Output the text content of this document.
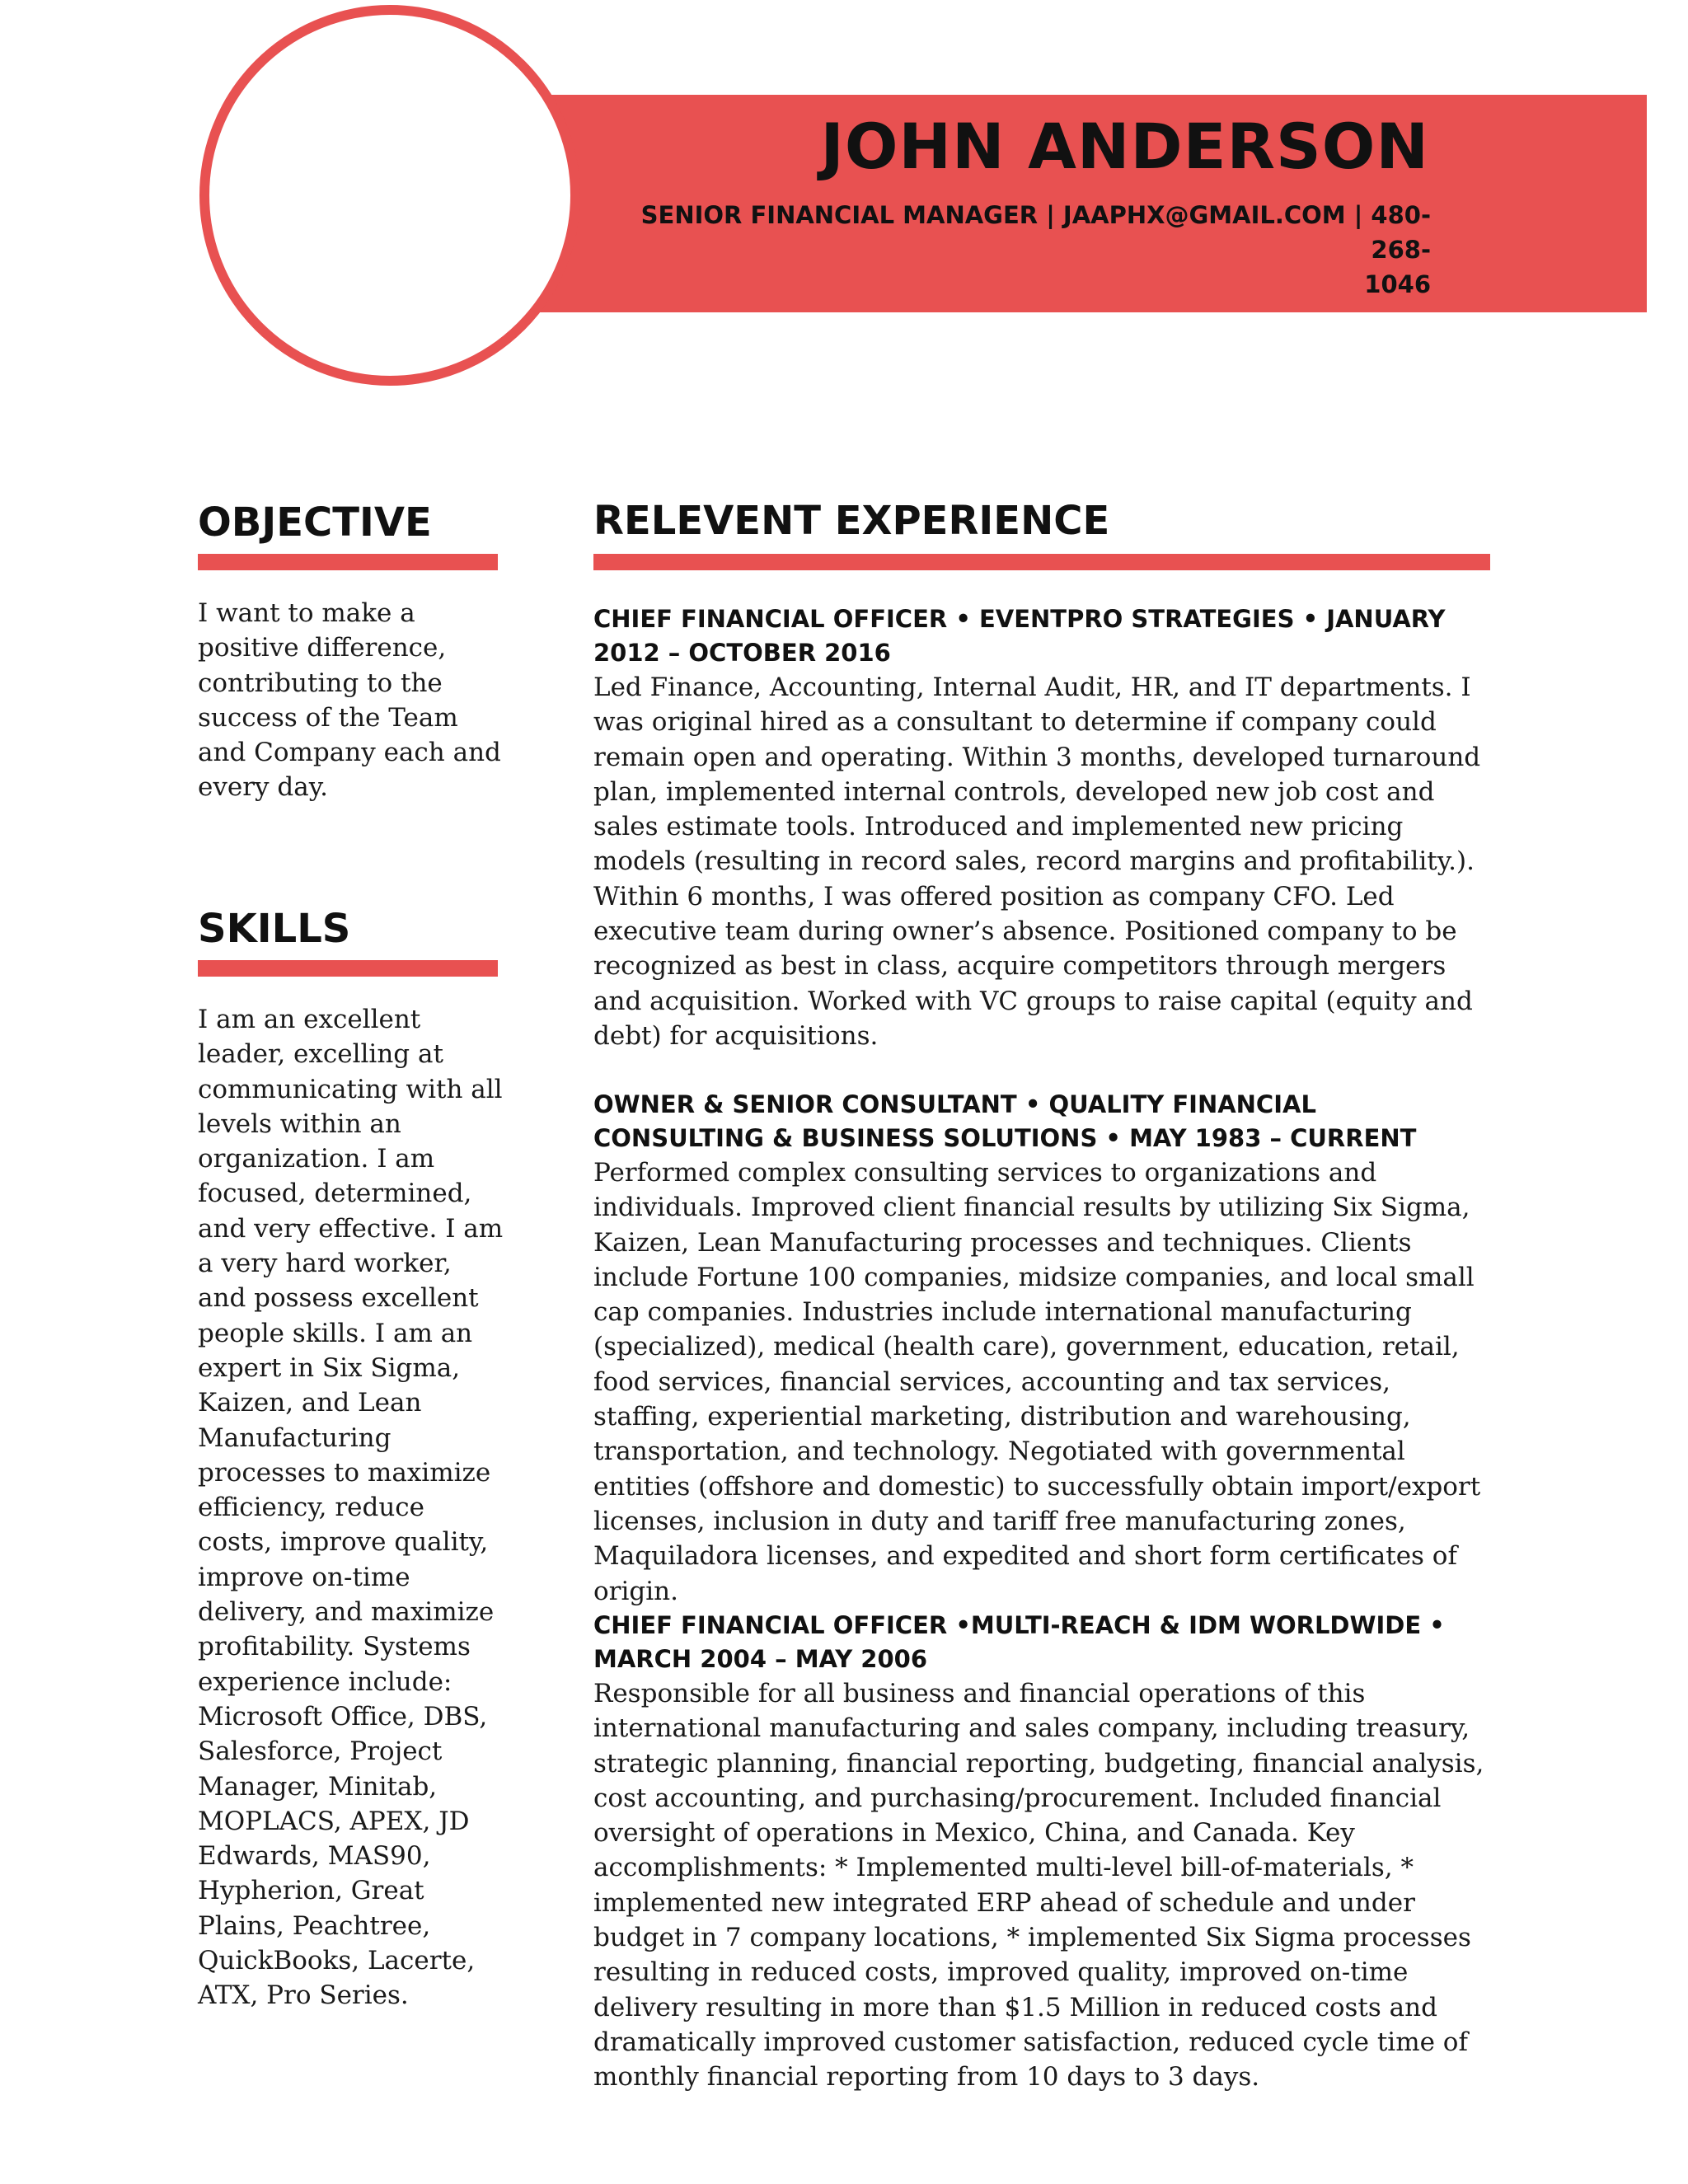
JOHN ANDERSON
SENIOR FINANCIAL MANAGER | JAAPHX@GMAIL.COM | 480-268-
1046
OBJECTIVE

I want to make a positive difference, contributing to the success of the Team and Company each and every day.

SKILLS

I am an excellent leader, excelling at communicating with all levels within an organization. I am focused, determined, and very effective. I am a very hard worker, and possess excellent people skills. I am an expert in Six Sigma, Kaizen, and Lean Manufacturing processes to maximize efficiency, reduce costs, improve quality, improve on-time delivery, and maximize profitability. Systems experience include: Microsoft Office, DBS, Salesforce, Project Manager, Minitab, MOPLACS, APEX, JD Edwards, MAS90, Hypherion, Great Plains, Peachtree, QuickBooks, Lacerte, ATX, Pro Series.

RELEVENT EXPERIENCE

CHIEF FINANCIAL OFFICER • EVENTPRO STRATEGIES • JANUARY 2012 – OCTOBER 2016

Led Finance, Accounting, Internal Audit, HR, and IT departments. I was original hired as a consultant to determine if company could remain open and operating. Within 3 months, developed turnaround plan, implemented internal controls, developed new job cost and sales estimate tools. Introduced and implemented new pricing models (resulting in record sales, record margins and profitability.). Within 6 months, I was offered position as company CFO. Led executive team during owner’s absence. Positioned company to be recognized as best in class, acquire competitors through mergers and acquisition. Worked with VC groups to raise capital (equity and debt) for acquisitions.

OWNER & SENIOR CONSULTANT • QUALITY FINANCIAL CONSULTING & BUSINESS SOLUTIONS • MAY 1983 – CURRENT

Performed complex consulting services to organizations and individuals. Improved client financial results by utilizing Six Sigma, Kaizen, Lean Manufacturing processes and techniques. Clients include Fortune 100 companies, midsize companies, and local small cap companies. Industries include international manufacturing (specialized), medical (health care), government, education, retail, food services, financial services, accounting and tax services, staffing, experiential marketing, distribution and warehousing, transportation, and technology. Negotiated with governmental entities (offshore and domestic) to successfully obtain import/export licenses, inclusion in duty and tariff free manufacturing zones, Maquiladora licenses, and expedited and short form certificates of origin.

CHIEF FINANCIAL OFFICER •MULTI-REACH & IDM WORLDWIDE • MARCH 2004 – MAY 2006

Responsible for all business and financial operations of this international manufacturing and sales company, including treasury, strategic planning, financial reporting, budgeting, financial analysis, cost accounting, and purchasing/procurement. Included financial oversight of operations in Mexico, China, and Canada. Key accomplishments: * Implemented multi-level bill-of-materials, * implemented new integrated ERP ahead of schedule and under budget in 7 company locations, * implemented Six Sigma processes resulting in reduced costs, improved quality, improved on-time delivery resulting in more than $1.5 Million in reduced costs and dramatically improved customer satisfaction, reduced cycle time of monthly financial reporting from 10 days to 3 days.
